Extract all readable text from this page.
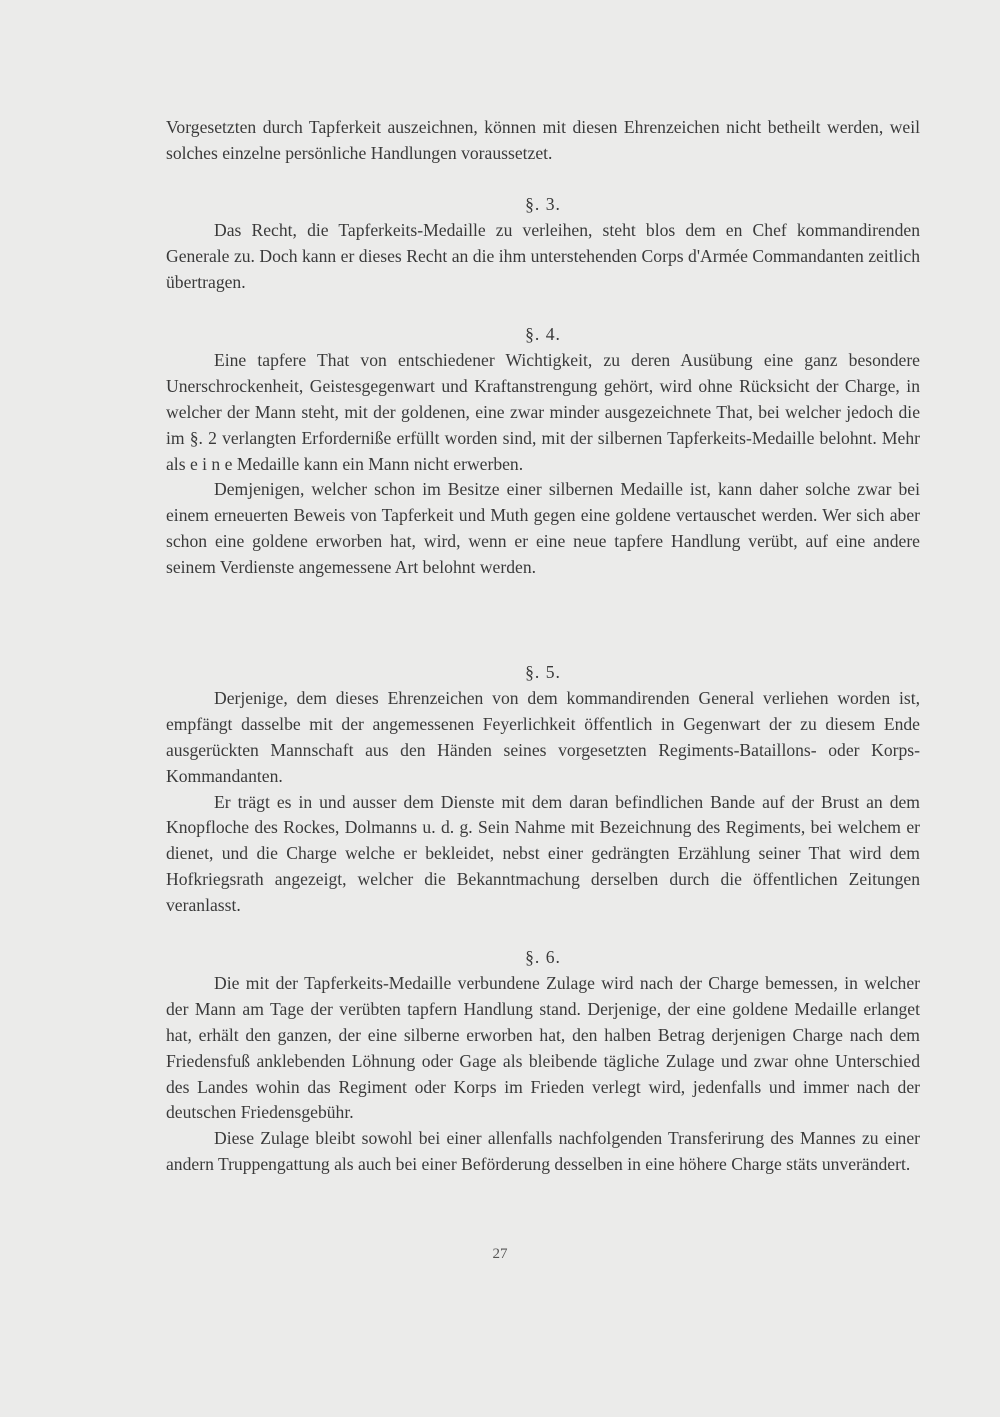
Vorgesetzten durch Tapferkeit auszeichnen, können mit diesen Ehrenzeichen nicht betheilt werden, weil solches einzelne persönliche Handlungen voraussetzet.

§. 3.

Das Recht, die Tapferkeits-Medaille zu verleihen, steht blos dem en Chef kommandirenden Generale zu. Doch kann er dieses Recht an die ihm unterstehenden Corps d'Armée Commandanten zeitlich übertragen.

§. 4.

Eine tapfere That von entschiedener Wichtigkeit, zu deren Ausübung eine ganz besondere Unerschrockenheit, Geistesgegenwart und Kraftanstrengung gehört, wird ohne Rücksicht der Charge, in welcher der Mann steht, mit der goldenen, eine zwar minder ausgezeichnete That, bei welcher jedoch die im §. 2 verlangten Erforderniße erfüllt worden sind, mit der silbernen Tapferkeits-Medaille belohnt. Mehr als e i n e Medaille kann ein Mann nicht erwerben.

Demjenigen, welcher schon im Besitze einer silbernen Medaille ist, kann daher solche zwar bei einem erneuerten Beweis von Tapferkeit und Muth gegen eine goldene vertauschet werden. Wer sich aber schon eine goldene erworben hat, wird, wenn er eine neue tapfere Handlung verübt, auf eine andere seinem Verdienste angemessene Art belohnt werden.

§. 5.

Derjenige, dem dieses Ehrenzeichen von dem kommandirenden General verliehen worden ist, empfängt dasselbe mit der angemessenen Feyerlichkeit öffentlich in Gegenwart der zu diesem Ende ausgerückten Mannschaft aus den Händen seines vorgesetzten Regiments-Bataillons- oder Korps-Kommandanten.

Er trägt es in und ausser dem Dienste mit dem daran befindlichen Bande auf der Brust an dem Knopfloche des Rockes, Dolmanns u. d. g. Sein Nahme mit Bezeichnung des Regiments, bei welchem er dienet, und die Charge welche er bekleidet, nebst einer gedrängten Erzählung seiner That wird dem Hofkriegsrath angezeigt, welcher die Bekanntmachung derselben durch die öffentlichen Zeitungen veranlasst.

§. 6.

Die mit der Tapferkeits-Medaille verbundene Zulage wird nach der Charge bemessen, in welcher der Mann am Tage der verübten tapfern Handlung stand. Derjenige, der eine goldene Medaille erlanget hat, erhält den ganzen, der eine silberne erworben hat, den halben Betrag derjenigen Charge nach dem Friedensfuß anklebenden Löhnung oder Gage als bleibende tägliche Zulage und zwar ohne Unterschied des Landes wohin das Regiment oder Korps im Frieden verlegt wird, jedenfalls und immer nach der deutschen Friedensgebühr.

Diese Zulage bleibt sowohl bei einer allenfalls nachfolgenden Transferirung des Mannes zu einer andern Truppengattung als auch bei einer Beförderung desselben in eine höhere Charge stäts unverändert.

27
